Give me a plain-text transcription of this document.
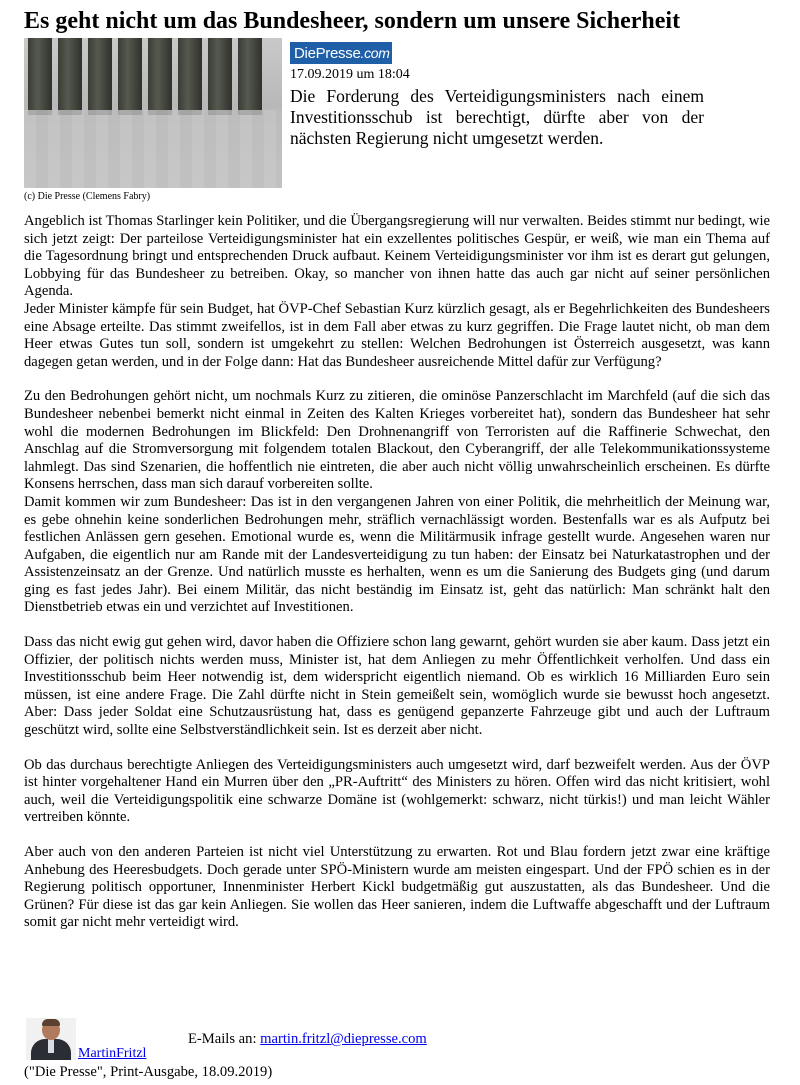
Es geht nicht um das Bundesheer, sondern um unsere Sicherheit
(c) Die Presse (Clemens Fabry)
DiePresse.com
17.09.2019 um 18:04
Die Forderung des Verteidigungsministers nach einem Investitionsschub ist berechtigt, dürfte aber von der nächsten Regierung nicht umgesetzt werden.

Angeblich ist Thomas Starlinger kein Politiker, und die Übergangsregierung will nur verwalten. Beides stimmt nur bedingt, wie sich jetzt zeigt: Der parteilose Verteidigungsminister hat ein exzellentes politisches Gespür, er weiß, wie man ein Thema auf die Tagesordnung bringt und entsprechenden Druck aufbaut. Keinem Verteidigungsminister vor ihm ist es derart gut gelungen, Lobbying für das Bundesheer zu betreiben. Okay, so mancher von ihnen hatte das auch gar nicht auf seiner persönlichen Agenda.

Jeder Minister kämpfe für sein Budget, hat ÖVP-Chef Sebastian Kurz kürzlich gesagt, als er Begehrlichkeiten des Bundesheers eine Absage erteilte. Das stimmt zweifellos, ist in dem Fall aber etwas zu kurz gegriffen. Die Frage lautet nicht, ob man dem Heer etwas Gutes tun soll, sondern ist umgekehrt zu stellen: Welchen Bedrohungen ist Österreich ausgesetzt, was kann dagegen getan werden, und in der Folge dann: Hat das Bundesheer ausreichende Mittel dafür zur Verfügung?

Zu den Bedrohungen gehört nicht, um nochmals Kurz zu zitieren, die ominöse Panzerschlacht im Marchfeld (auf die sich das Bundesheer nebenbei bemerkt nicht einmal in Zeiten des Kalten Krieges vorbereitet hat), sondern das Bundesheer hat sehr wohl die modernen Bedrohungen im Blickfeld: Den Drohnenangriff von Terroristen auf die Raffinerie Schwechat, den Anschlag auf die Stromversorgung mit folgendem totalen Blackout, den Cyberangriff, der alle Telekommunikationssysteme lahmlegt. Das sind Szenarien, die hoffentlich nie eintreten, die aber auch nicht völlig unwahrscheinlich erscheinen. Es dürfte Konsens herrschen, dass man sich darauf vorbereiten sollte.

Damit kommen wir zum Bundesheer: Das ist in den vergangenen Jahren von einer Politik, die mehrheitlich der Meinung war, es gebe ohnehin keine sonderlichen Bedrohungen mehr, sträflich vernachlässigt worden. Bestenfalls war es als Aufputz bei festlichen Anlässen gern gesehen. Emotional wurde es, wenn die Militärmusik infrage gestellt wurde. Angesehen waren nur Aufgaben, die eigentlich nur am Rande mit der Landesverteidigung zu tun haben: der Einsatz bei Naturkatastrophen und der Assistenzeinsatz an der Grenze. Und natürlich musste es herhalten, wenn es um die Sanierung des Budgets ging (und darum ging es fast jedes Jahr). Bei einem Militär, das nicht beständig im Einsatz ist, geht das natürlich: Man schränkt halt den Dienstbetrieb etwas ein und verzichtet auf Investitionen.

Dass das nicht ewig gut gehen wird, davor haben die Offiziere schon lang gewarnt, gehört wurden sie aber kaum. Dass jetzt ein Offizier, der politisch nichts werden muss, Minister ist, hat dem Anliegen zu mehr Öffentlichkeit verholfen. Und dass ein Investitionsschub beim Heer notwendig ist, dem widerspricht eigentlich niemand. Ob es wirklich 16 Milliarden Euro sein müssen, ist eine andere Frage. Die Zahl dürfte nicht in Stein gemeißelt sein, womöglich wurde sie bewusst hoch angesetzt. Aber: Dass jeder Soldat eine Schutzausrüstung hat, dass es genügend gepanzerte Fahrzeuge gibt und auch der Luftraum geschützt wird, sollte eine Selbstverständlichkeit sein. Ist es derzeit aber nicht.

Ob das durchaus berechtigte Anliegen des Verteidigungsministers auch umgesetzt wird, darf bezweifelt werden. Aus der ÖVP ist hinter vorgehaltener Hand ein Murren über den „PR-Auftritt“ des Ministers zu hören. Offen wird das nicht kritisiert, wohl auch, weil die Verteidigungspolitik eine schwarze Domäne ist (wohlgemerkt: schwarz, nicht türkis!) und man leicht Wähler vertreiben könnte.

Aber auch von den anderen Parteien ist nicht viel Unterstützung zu erwarten. Rot und Blau fordern jetzt zwar eine kräftige Anhebung des Heeresbudgets. Doch gerade unter SPÖ-Ministern wurde am meisten eingespart. Und der FPÖ schien es in der Regierung politisch opportuner, Innenminister Herbert Kickl budgetmäßig gut auszustatten, als das Bundesheer. Und die Grünen? Für diese ist das gar kein Anliegen. Sie wollen das Heer sanieren, indem die Luftwaffe abgeschafft und der Luftraum somit gar nicht mehr verteidigt wird.

MartinFritzl
E-Mails an: martin.fritzl@diepresse.com
("Die Presse", Print-Ausgabe, 18.09.2019)
